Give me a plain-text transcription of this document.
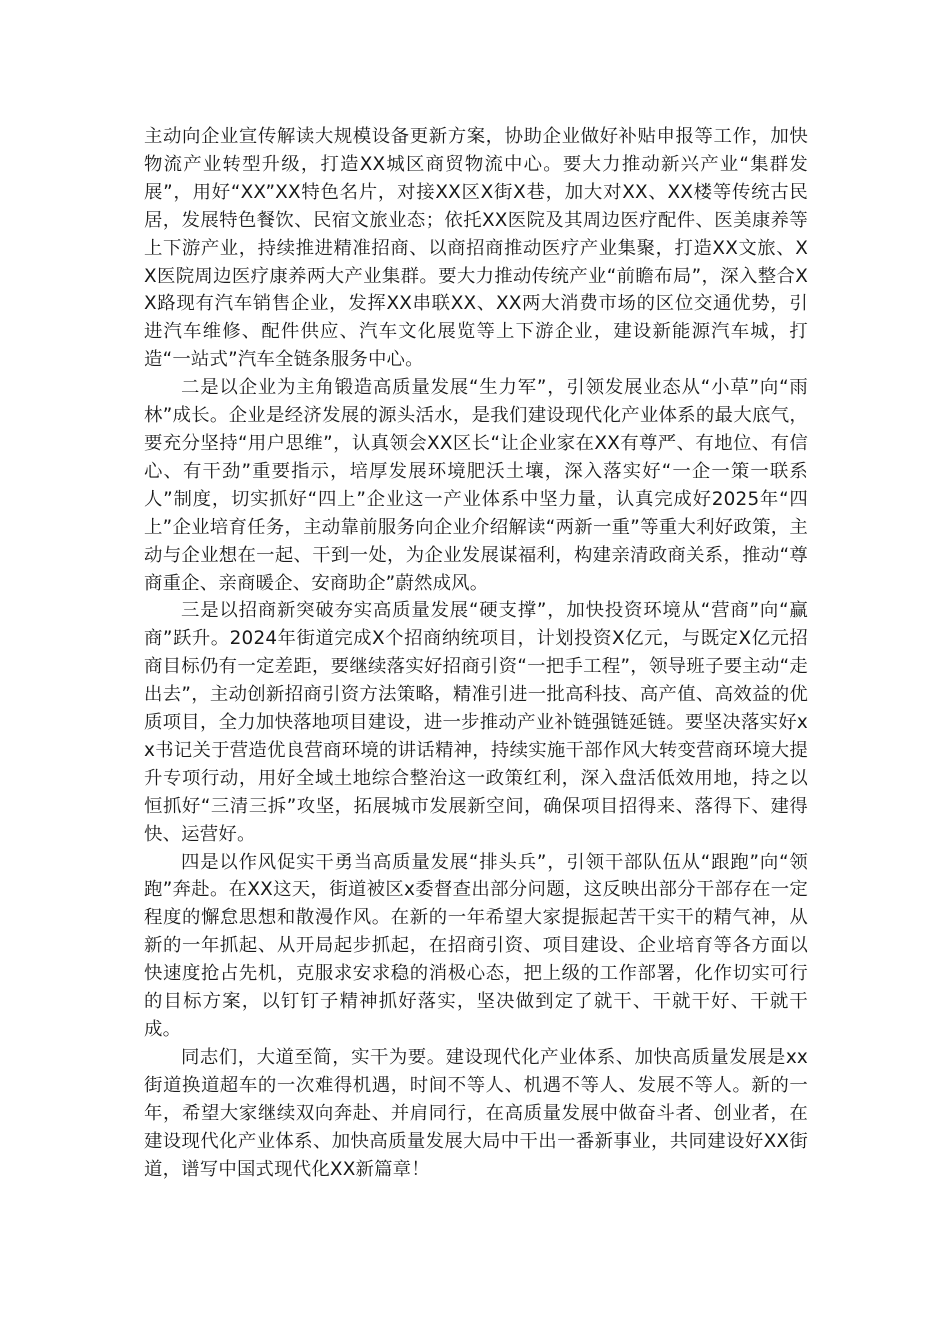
主动向企业宣传解读大规模设备更新方案，协助企业做好补贴申报等工作，加快物流产业转型升级，打造XX城区商贸物流中心。要大力推动新兴产业“集群发展”，用好“XX”XX特色名片，对接XX区X街X巷，加大对XX、XX楼等传统古民居，发展特色餐饮、民宿文旅业态；依托XX医院及其周边医疗配件、医美康养等上下游产业，持续推进精准招商、以商招商推动医疗产业集聚，打造XX文旅、XX医院周边医疗康养两大产业集群。要大力推动传统产业“前瞻布局”，深入整合XX路现有汽车销售企业，发挥XX串联XX、XX两大消费市场的区位交通优势，引进汽车维修、配件供应、汽车文化展览等上下游企业，建设新能源汽车城，打造“一站式”汽车全链条服务中心。

二是以企业为主角锻造高质量发展“生力军”，引领发展业态从“小草”向“雨林”成长。企业是经济发展的源头活水，是我们建设现代化产业体系的最大底气，要充分坚持“用户思维”，认真领会XX区长“让企业家在XX有尊严、有地位、有信心、有干劲”重要指示，培厚发展环境肥沃土壤，深入落实好“一企一策一联系人”制度，切实抓好“四上”企业这一产业体系中坚力量，认真完成好2025年“四上”企业培育任务，主动靠前服务向企业介绍解读“两新一重”等重大利好政策，主动与企业想在一起、干到一处，为企业发展谋福利，构建亲清政商关系，推动“尊商重企、亲商暖企、安商助企”蔚然成风。

三是以招商新突破夯实高质量发展“硬支撑”，加快投资环境从“营商”向“赢商”跃升。2024年街道完成X个招商纳统项目，计划投资X亿元，与既定X亿元招商目标仍有一定差距，要继续落实好招商引资“一把手工程”，领导班子要主动“走出去”，主动创新招商引资方法策略，精准引进一批高科技、高产值、高效益的优质项目，全力加快落地项目建设，进一步推动产业补链强链延链。要坚决落实好xx书记关于营造优良营商环境的讲话精神，持续实施干部作风大转变营商环境大提升专项行动，用好全域土地综合整治这一政策红利，深入盘活低效用地，持之以恒抓好“三清三拆”攻坚，拓展城市发展新空间，确保项目招得来、落得下、建得快、运营好。

四是以作风促实干勇当高质量发展“排头兵”，引领干部队伍从“跟跑”向“领跑”奔赴。在XX这天，街道被区x委督查出部分问题，这反映出部分干部存在一定程度的懈怠思想和散漫作风。在新的一年希望大家提振起苦干实干的精气神，从新的一年抓起、从开局起步抓起，在招商引资、项目建设、企业培育等各方面以快速度抢占先机，克服求安求稳的消极心态，把上级的工作部署，化作切实可行的目标方案，以钉钉子精神抓好落实，坚决做到定了就干、干就干好、干就干成。

同志们，大道至简，实干为要。建设现代化产业体系、加快高质量发展是xx街道换道超车的一次难得机遇，时间不等人、机遇不等人、发展不等人。新的一年，希望大家继续双向奔赴、并肩同行，在高质量发展中做奋斗者、创业者，在建设现代化产业体系、加快高质量发展大局中干出一番新事业，共同建设好XX街道，谱写中国式现代化XX新篇章！
